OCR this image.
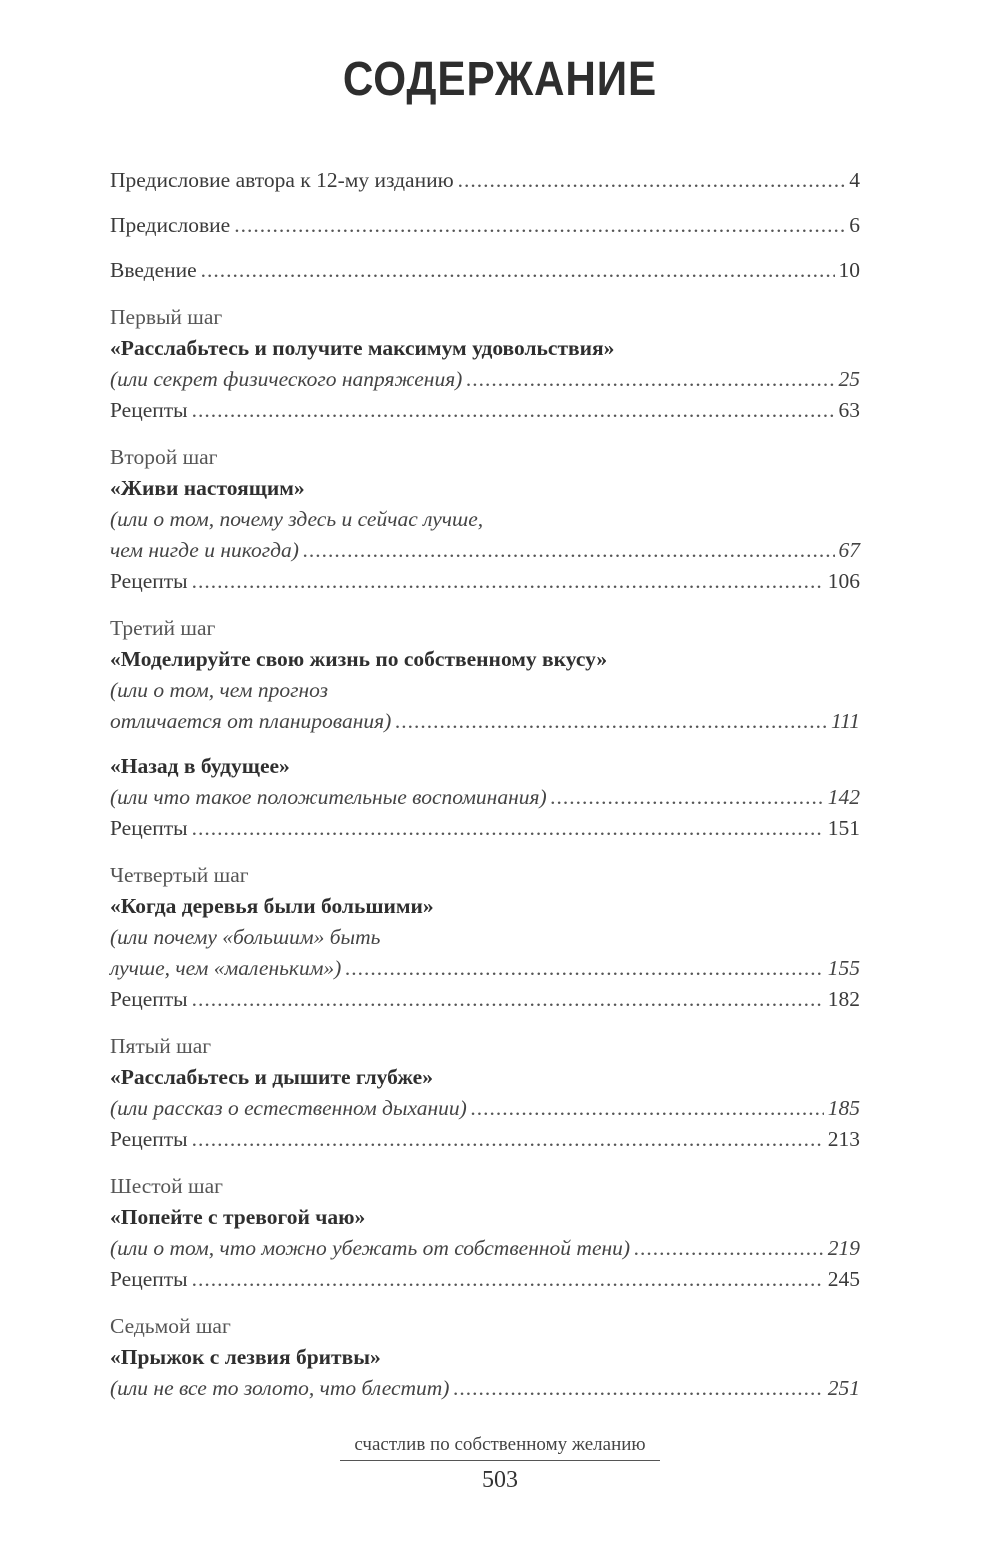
СОДЕРЖАНИЕ
Предисловие автора к 12-му изданию .....	4
Предисловие .....	6
Введение .....	10
Первый шаг
«Расслабьтесь и получите максимум удовольствия»
(или секрет физического напряжения) .....	25
Рецепты .....	63
Второй шаг
«Живи настоящим»
(или о том, почему здесь и сейчас лучше,
чем нигде и никогда) .....	67
Рецепты .....	106
Третий шаг
«Моделируйте свою жизнь по собственному вкусу»
(или о том, чем прогноз
отличается от планирования) .....	111
«Назад в будущее»
(или что такое положительные воспоминания) .....	142
Рецепты .....	151
Четвертый шаг
«Когда деревья были большими»
(или почему «большим» быть
лучше, чем «маленьким») .....	155
Рецепты .....	182
Пятый шаг
«Расслабьтесь и дышите глубже»
(или рассказ о естественном дыхании) .....	185
Рецепты .....	213
Шестой шаг
«Попейте с тревогой чаю»
(или о том, что можно убежать от собственной тени) .....	219
Рецепты .....	245
Седьмой шаг
«Прыжок с лезвия бритвы»
(или не все то золото, что блестит) .....	251
счастлив по собственному желанию
503
